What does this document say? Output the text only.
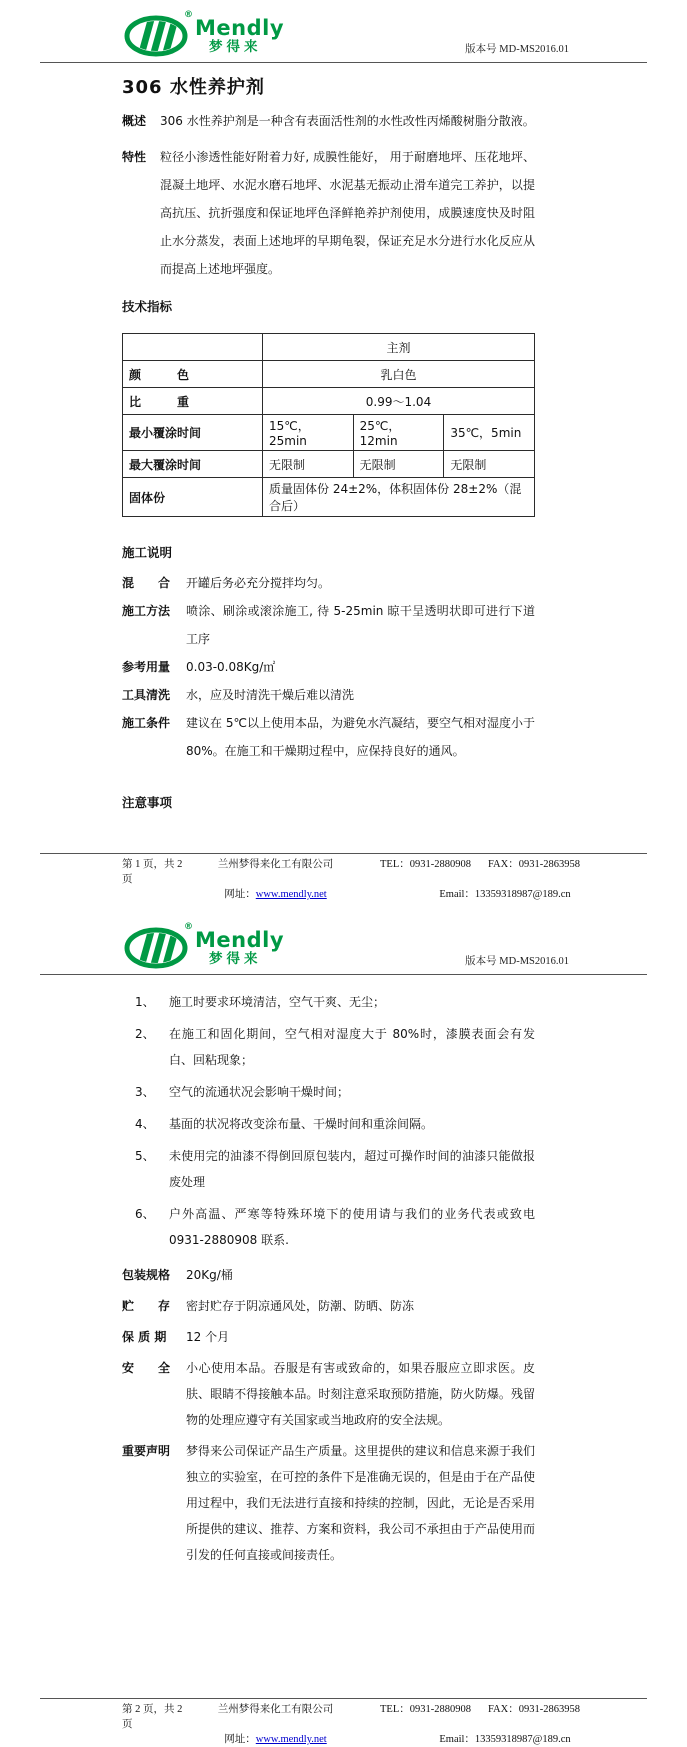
®
Mendly
梦得来	版本号 MD-MS2016.01
306 水性养护剂
概述	306 水性养护剂是一种含有表面活性剂的水性改性丙烯酸树脂分散液。
特性	粒径小渗透性能好附着力好, 成膜性能好， 用于耐磨地坪、压花地坪、混凝土地坪、水泥水磨石地坪、水泥基无振动止滑车道完工养护，以提高抗压、抗折强度和保证地坪色泽鲜艳养护剂使用，成膜速度快及时阻止水分蒸发，表面上述地坪的早期龟裂，保证充足水分进行水化反应从而提高上述地坪强度。
技术指标
	主剂		
颜　　　色	乳白色		
比　　　重	0.99～1.04		
最小覆涂时间	15℃，25min	25℃，12min	35℃，5min
最大覆涂时间	无限制	无限制	无限制
固体份	质量固体份 24±2%，体积固体份 28±2%（混合后）		
施工说明
混　　合	开罐后务必充分搅拌均匀。
施工方法	喷涂、刷涂或滚涂施工, 待 5-25min 晾干呈透明状即可进行下道工序
参考用量	0.03-0.08Kg/㎡
工具清洗	水，应及时清洗干燥后难以清洗
施工条件	建议在 5℃以上使用本品，为避免水汽凝结，要空气相对湿度小于 80%。在施工和干燥期过程中，应保持良好的通风。
注意事项
第 1 页，共 2 页
兰州梦得来化工有限公司	TEL：0931-2880908	FAX：0931-2863958
网址：www.mendly.net	Email：13359318987@189.cn
®
Mendly
梦得来	版本号 MD-MS2016.01
1、	施工时要求环境清洁，空气干爽、无尘；
2、	在施工和固化期间，空气相对湿度大于 80%时，漆膜表面会有发白、回粘现象；
3、	空气的流通状况会影响干燥时间；
4、	基面的状况将改变涂布量、干燥时间和重涂间隔。
5、	未使用完的油漆不得倒回原包装内，超过可操作时间的油漆只能做报废处理
6、	户外高温、严寒等特殊环境下的使用请与我们的业务代表或致电 0931-2880908 联系.
包装规格	20Kg/桶
贮　　存	密封贮存于阴凉通风处，防潮、防晒、防冻
保 质 期	12 个月
安　　全	小心使用本品。吞服是有害或致命的，如果吞服应立即求医。皮肤、眼睛不得接触本品。时刻注意采取预防措施，防火防爆。残留物的处理应遵守有关国家或当地政府的安全法规。
重要声明	梦得来公司保证产品生产质量。这里提供的建议和信息来源于我们独立的实验室，在可控的条件下是准确无误的，但是由于在产品使用过程中，我们无法进行直接和持续的控制，因此，无论是否采用所提供的建议、推荐、方案和资料，我公司不承担由于产品使用而引发的任何直接或间接责任。
第 2 页，共 2 页
兰州梦得来化工有限公司	TEL：0931-2880908	FAX：0931-2863958
网址：www.mendly.net	Email：13359318987@189.cn
